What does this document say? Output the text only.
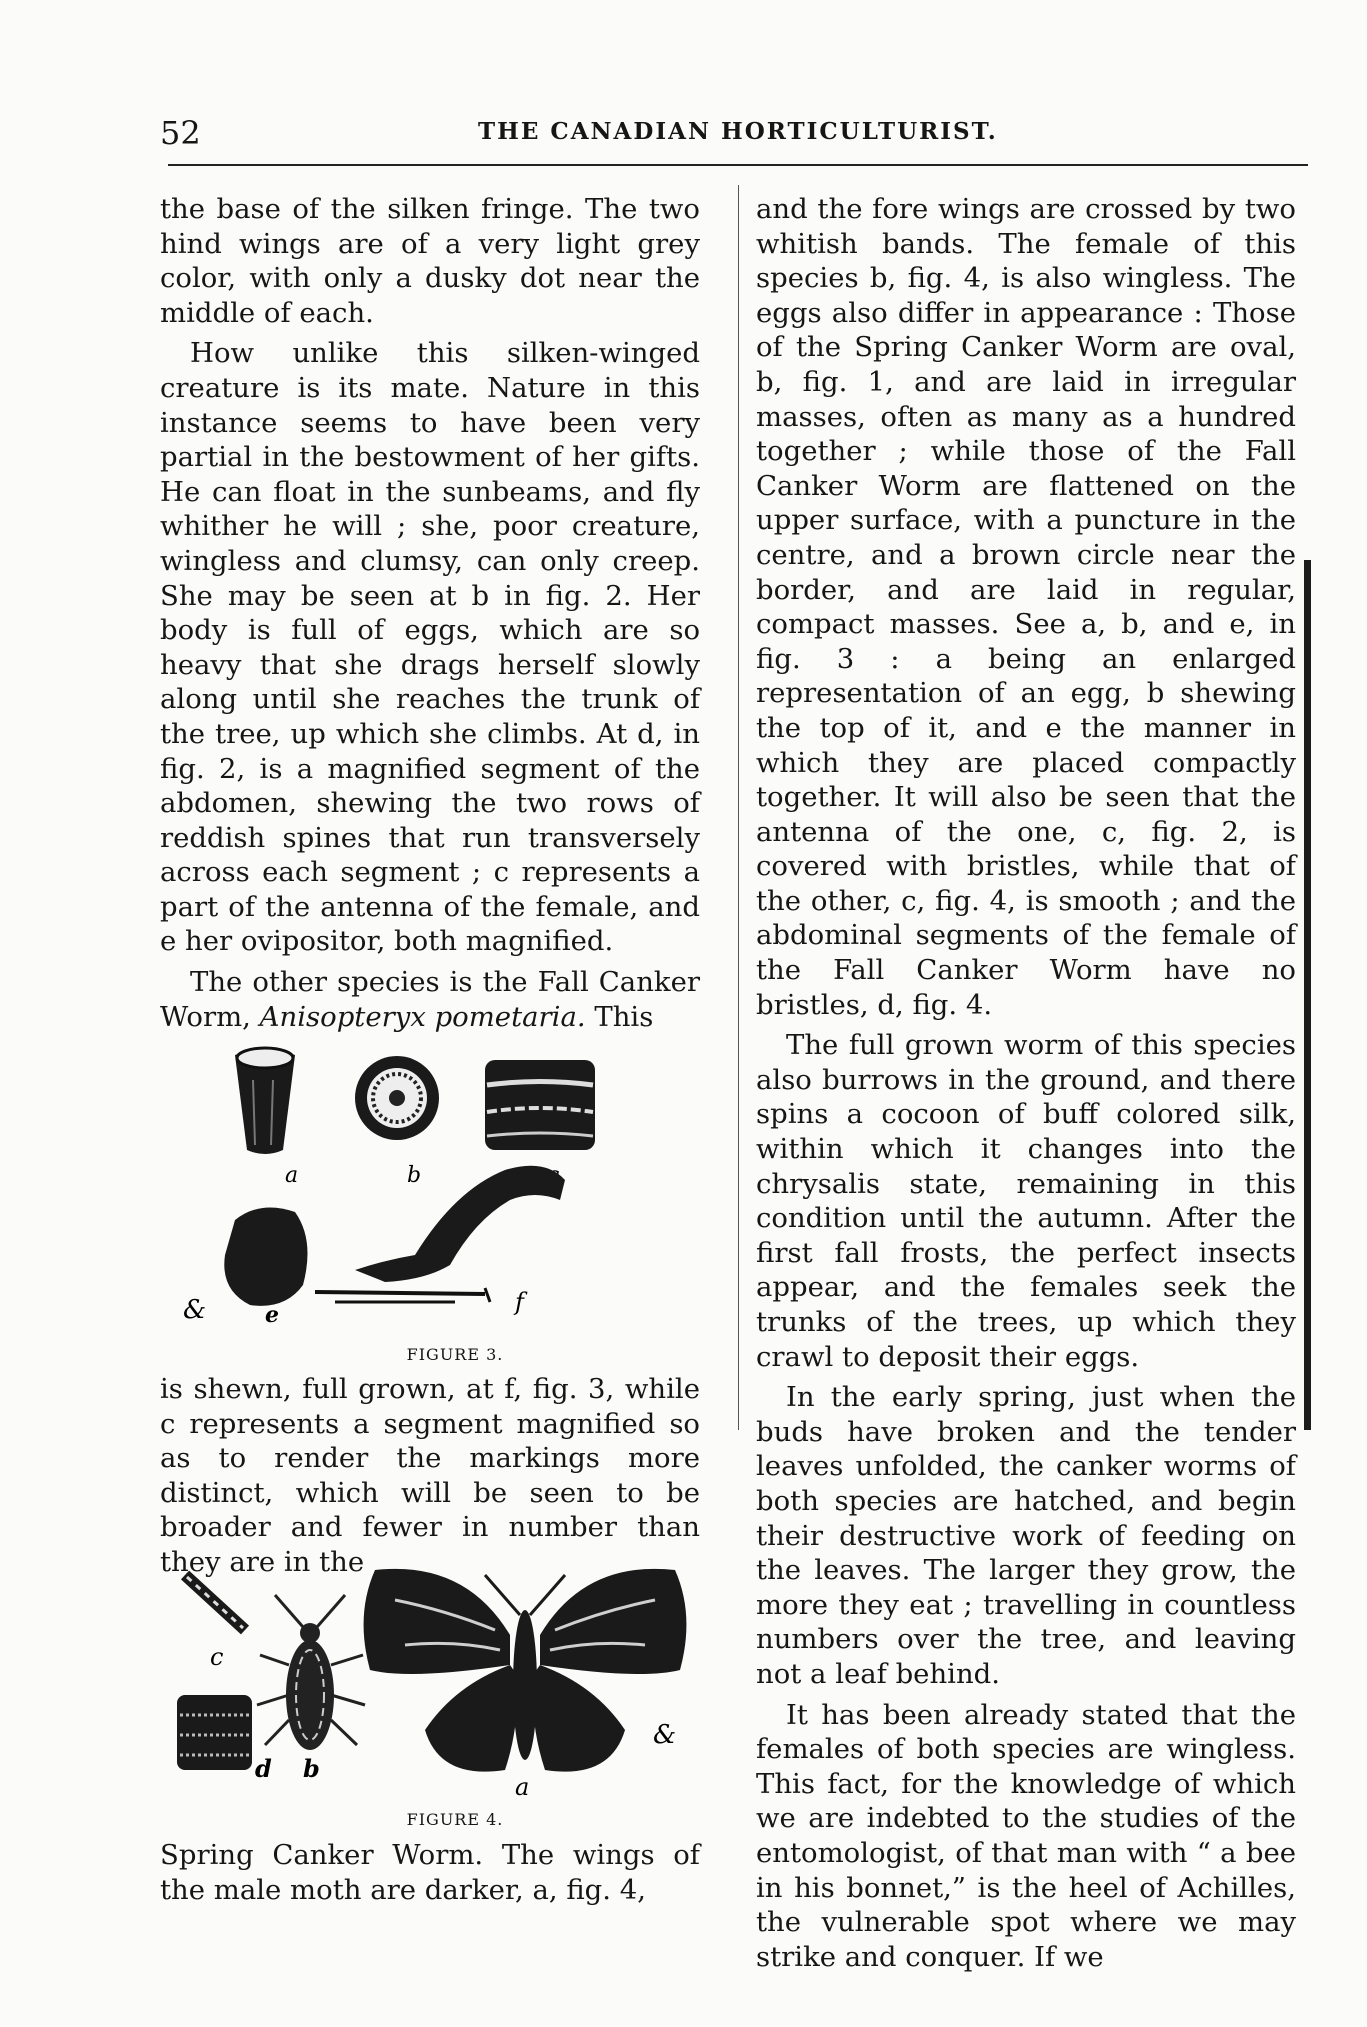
52	THE CANADIAN HORTICULTURIST.

the base of the silken fringe. The two hind wings are of a very light grey color, with only a dusky dot near the middle of each.

How unlike this silken-winged creature is its mate. Nature in this instance seems to have been very partial in the bestowment of her gifts. He can float in the sunbeams, and fly whither he will ; she, poor creature, wingless and clumsy, can only creep. She may be seen at b in fig. 2. Her body is full of eggs, which are so heavy that she drags herself slowly along until she reaches the trunk of the tree, up which she climbs. At d, in fig. 2, is a magnified segment of the abdomen, shewing the two rows of reddish spines that run transversely across each segment ; c represents a part of the antenna of the female, and e her ovipositor, both magnified.

The other species is the Fall Canker Worm, Anisopteryx pometaria. This

a	b
&	e	f
FIGURE 3.

is shewn, full grown, at f, fig. 3, while c represents a segment magnified so as to render the markings more distinct, which will be seen to be broader and fewer in number than they are in the

c
d b
a
&
FIGURE 4.

Spring Canker Worm. The wings of the male moth are darker, a, fig. 4,

and the fore wings are crossed by two whitish bands. The female of this species b, fig. 4, is also wingless. The eggs also differ in appearance : Those of the Spring Canker Worm are oval, b, fig. 1, and are laid in irregular masses, often as many as a hundred together ; while those of the Fall Canker Worm are flattened on the upper surface, with a puncture in the centre, and a brown circle near the border, and are laid in regular, compact masses. See a, b, and e, in fig. 3 : a being an enlarged representation of an egg, b shewing the top of it, and e the manner in which they are placed compactly together. It will also be seen that the antenna of the one, c, fig. 2, is covered with bristles, while that of the other, c, fig. 4, is smooth ; and the abdominal segments of the female of the Fall Canker Worm have no bristles, d, fig. 4.

The full grown worm of this species also burrows in the ground, and there spins a cocoon of buff colored silk, within which it changes into the chrysalis state, remaining in this condition until the autumn. After the first fall frosts, the perfect insects appear, and the females seek the trunks of the trees, up which they crawl to deposit their eggs.

In the early spring, just when the buds have broken and the tender leaves unfolded, the canker worms of both species are hatched, and begin their destructive work of feeding on the leaves. The larger they grow, the more they eat ; travelling in countless numbers over the tree, and leaving not a leaf behind.

It has been already stated that the females of both species are wingless. This fact, for the knowledge of which we are indebted to the studies of the entomologist, of that man with “ a bee in his bonnet,” is the heel of Achilles, the vulnerable spot where we may strike and conquer. If we
